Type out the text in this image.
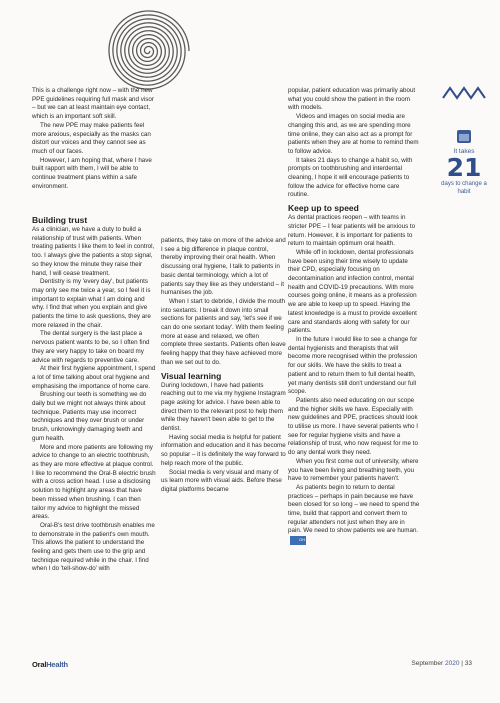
This is a challenge right now – with the new PPE guidelines requiring full mask and visor – but we can at least maintain eye contact, which is an important soft skill.

The new PPE may make patients feel more anxious, especially as the masks can distort our voices and they cannot see as much of our faces.

However, I am hoping that, where I have built rapport with them, I will be able to continue treatment plans within a safe environment.

Building trust

As a clinician, we have a duty to build a relationship of trust with patients. When treating patients I like them to feel in control, too. I always give the patients a stop signal, so they know the minute they raise their hand, I will cease treatment.

Dentistry is my 'every day', but patients may only see me twice a year, so I feel it is important to explain what I am doing and why. I find that when you explain and give patients the time to ask questions, they are more relaxed in the chair.

The dental surgery is the last place a nervous patient wants to be, so I often find they are very happy to take on board my advice with regards to preventive care.

At their first hygiene appointment, I spend a lot of time talking about oral hygiene and emphasising the importance of home care.

Brushing our teeth is something we do daily but we might not always think about technique. Patients may use incorrect techniques and they over brush or under brush, unknowingly damaging teeth and gum health.

More and more patients are following my advice to change to an electric toothbrush, as they are more effective at plaque control. I like to recommend the Oral-B electric brush with a cross action head. I use a disclosing solution to highlight any areas that have been missed when brushing. I can then tailor my advice to highlight the missed areas.

Oral-B's test drive toothbrush enables me to demonstrate in the patient's own mouth. This allows the patient to understand the feeling and gets them use to the grip and technique required while in the chair. I find when I do 'tell-show-do' with

patients, they take on more of the advice and I see a big difference in plaque control, thereby improving their oral health. When discussing oral hygiene, I talk to patients in basic dental terminology, which a lot of patients say they like as they understand – it humanises the job.

When I start to debride, I divide the mouth into sextants. I break it down into small sections for patients and say, 'let's see if we can do one sextant today'. With them feeling more at ease and relaxed, we often complete three sextants. Patients often leave feeling happy that they have achieved more than we set out to do.

Visual learning

During lockdown, I have had patients reaching out to me via my hygiene Instagram page asking for advice. I have been able to direct them to the relevant post to help them while they haven't been able to get to the dentist.

Having social media is helpful for patient information and education and it has become so popular – it is definitely the way forward to help reach more of the public.

Social media is very visual and many of us learn more with visual aids. Before these digital platforms became

popular, patient education was primarily about what you could show the patient in the room with models.

Videos and images on social media are changing this and, as we are spending more time online, they can also act as a prompt for patients when they are at home to remind them to follow advice.

It takes 21 days to change a habit so, with prompts on toothbrushing and interdental cleaning, I hope it will encourage patients to follow the advice for effective home care routine.

Keep up to speed

As dental practices reopen – with teams in stricter PPE – I fear patients will be anxious to return. However, it is important for patients to return to maintain optimum oral health.

While off in lockdown, dental professionals have been using their time wisely to update their CPD, especially focusing on decontamination and infection control, mental health and COVID-19 precautions. With more courses going online, it means as a profession we are able to keep up to speed. Having the latest knowledge is a must to provide excellent care and standards along with safety for our patients.

In the future I would like to see a change for dental hygienists and therapists that will become more recognised within the profession for our skills. We have the skills to treat a patient and to return them to full dental health, yet many dentists still don't understand our full scope.

Patients also need educating on our scope and the higher skills we have. Especially with new guidelines and PPE, practices should look to utilise us more. I have several patients who I see for regular hygiene visits and have a relationship of trust, who now request for me to do any dental work they need.

When you first come out of university, where you have been living and breathing teeth, you have to remember your patients haven't.

As patients begin to return to dental practices – perhaps in pain because we have been closed for so long – we need to spend the time, build that rapport and convert them to regular attenders not just when they are in pain. We need to show patients we are human.OH

It takes
21
days to change a habit
OralHealth	September 2020 | 33
